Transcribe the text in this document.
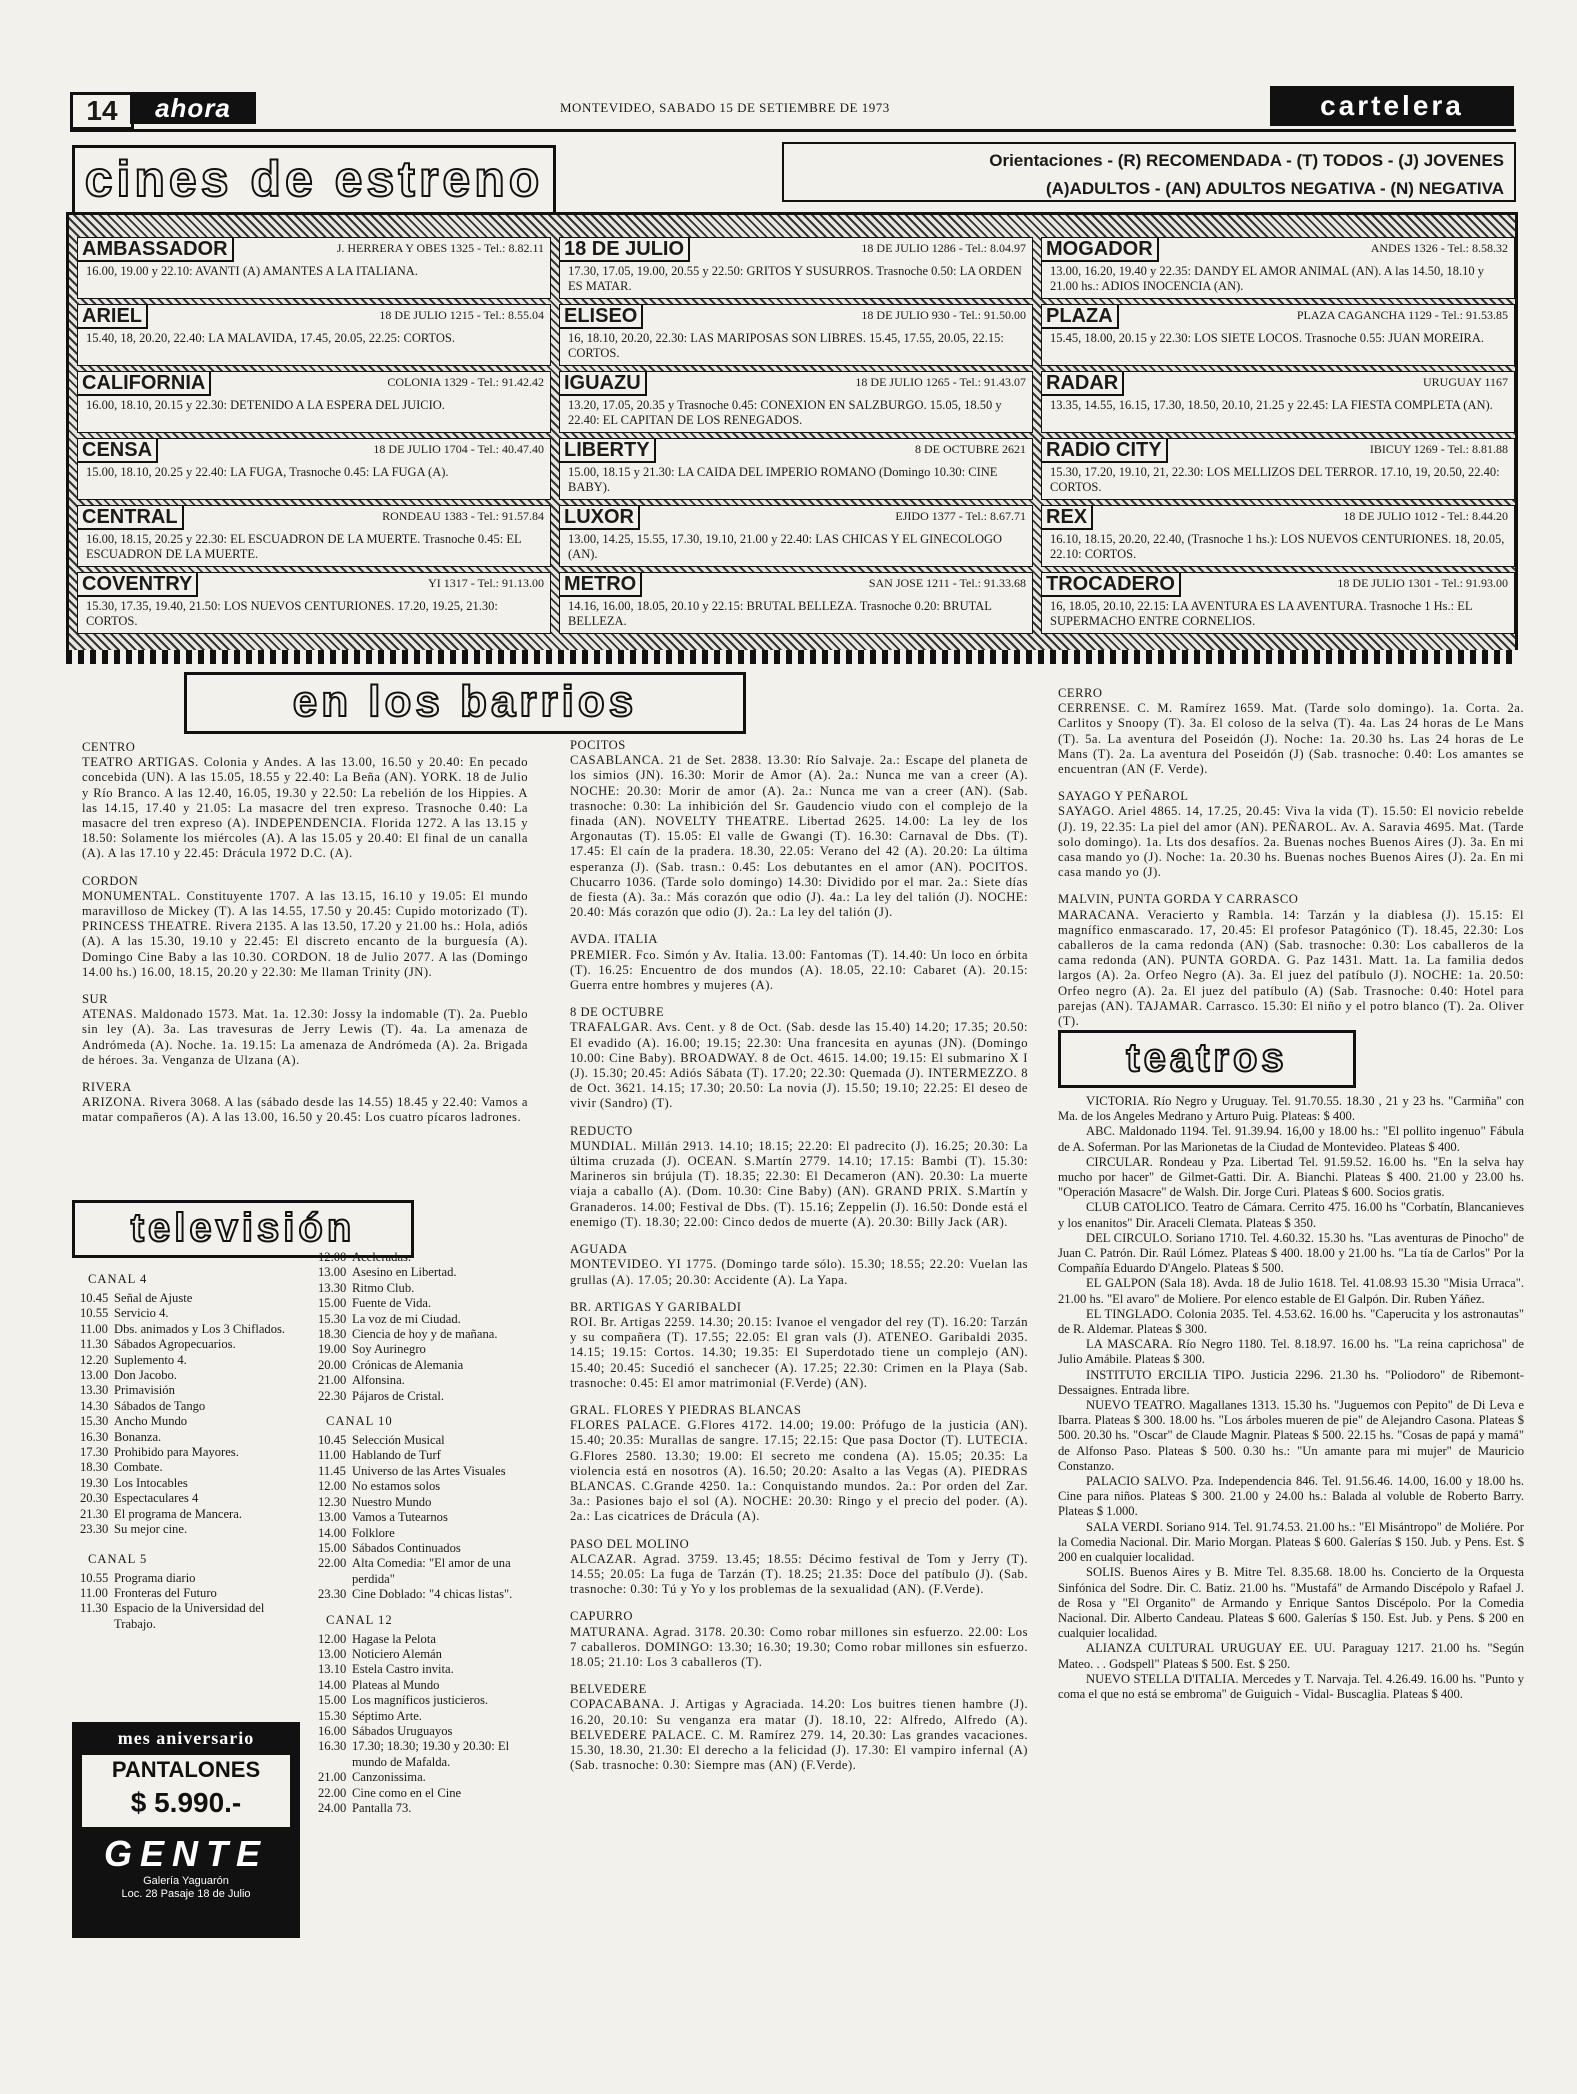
14	ahora	MONTEVIDEO, SABADO 15 DE SETIEMBRE DE 1973	cartelera
cines de estreno	Orientaciones - (R) RECOMENDADA - (T) TODOS - (J) JOVENES
(A)ADULTOS - (AN) ADULTOS NEGATIVA - (N) NEGATIVA
AMBASSADOR	J. HERRERA Y OBES 1325 - Tel.: 8.82.11
16.00, 19.00 y 22.10: AVANTI (A) AMANTES A LA ITALIANA.
ARIEL	18 DE JULIO 1215 - Tel.: 8.55.04
15.40, 18, 20.20, 22.40: LA MALAVIDA, 17.45, 20.05, 22.25: CORTOS.
CALIFORNIA	COLONIA 1329 - Tel.: 91.42.42
16.00, 18.10, 20.15 y 22.30: DETENIDO A LA ESPERA DEL JUICIO.
CENSA	18 DE JULIO 1704 - Tel.: 40.47.40
15.00, 18.10, 20.25 y 22.40: LA FUGA, Trasnoche 0.45: LA FUGA (A).
CENTRAL	RONDEAU 1383 - Tel.: 91.57.84
16.00, 18.15, 20.25 y 22.30: EL ESCUADRON DE LA MUERTE. Trasnoche 0.45: EL ESCUADRON DE LA MUERTE.
COVENTRY	YI 1317 - Tel.: 91.13.00
15.30, 17.35, 19.40, 21.50: LOS NUEVOS CENTURIONES. 17.20, 19.25, 21.30: CORTOS.
18 DE JULIO	18 DE JULIO 1286 - Tel.: 8.04.97
17.30, 17.05, 19.00, 20.55 y 22.50: GRITOS Y SUSURROS. Trasnoche 0.50: LA ORDEN ES MATAR.
ELISEO	18 DE JULIO 930 - Tel.: 91.50.00
16, 18.10, 20.20, 22.30: LAS MARIPOSAS SON LIBRES. 15.45, 17.55, 20.05, 22.15: CORTOS.
IGUAZU	18 DE JULIO 1265 - Tel.: 91.43.07
13.20, 17.05, 20.35 y Trasnoche 0.45: CONEXION EN SALZBURGO. 15.05, 18.50 y 22.40: EL CAPITAN DE LOS RENEGADOS.
LIBERTY	8 DE OCTUBRE 2621
15.00, 18.15 y 21.30: LA CAIDA DEL IMPERIO ROMANO (Domingo 10.30: CINE BABY).
LUXOR	EJIDO 1377 - Tel.: 8.67.71
13.00, 14.25, 15.55, 17.30, 19.10, 21.00 y 22.40: LAS CHICAS Y EL GINECOLOGO (AN).
METRO	SAN JOSE 1211 - Tel.: 91.33.68
14.16, 16.00, 18.05, 20.10 y 22.15: BRUTAL BELLEZA. Trasnoche 0.20: BRUTAL BELLEZA.
MOGADOR	ANDES 1326 - Tel.: 8.58.32
13.00, 16.20, 19.40 y 22.35: DANDY EL AMOR ANIMAL (AN). A las 14.50, 18.10 y 21.00 hs.: ADIOS INOCENCIA (AN).
PLAZA	PLAZA CAGANCHA 1129 - Tel.: 91.53.85
15.45, 18.00, 20.15 y 22.30: LOS SIETE LOCOS. Trasnoche 0.55: JUAN MOREIRA.
RADAR	URUGUAY 1167
13.35, 14.55, 16.15, 17.30, 18.50, 20.10, 21.25 y 22.45: LA FIESTA COMPLETA (AN).
RADIO CITY	IBICUY 1269 - Tel.: 8.81.88
15.30, 17.20, 19.10, 21, 22.30: LOS MELLIZOS DEL TERROR. 17.10, 19, 20.50, 22.40: CORTOS.
REX	18 DE JULIO 1012 - Tel.: 8.44.20
16.10, 18.15, 20.20, 22.40, (Trasnoche 1 hs.): LOS NUEVOS CENTURIONES. 18, 20.05, 22.10: CORTOS.
TROCADERO	18 DE JULIO 1301 - Tel.: 91.93.00
16, 18.05, 20.10, 22.15: LA AVENTURA ES LA AVENTURA. Trasnoche 1 Hs.: EL SUPERMACHO ENTRE CORNELIOS.
en los barrios
CENTRO
TEATRO ARTIGAS. Colonia y Andes. A las 13.00, 16.50 y 20.40: En pecado concebida (UN). A las 15.05, 18.55 y 22.40: La Beña (AN). YORK. 18 de Julio y Río Branco. A las 12.40, 16.05, 19.30 y 22.50: La rebelión de los Hippies. A las 14.15, 17.40 y 21.05: La masacre del tren expreso. Trasnoche 0.40: La masacre del tren expreso (A). INDEPENDENCIA. Florida 1272. A las 13.15 y 18.50: Solamente los miércoles (A). A las 15.05 y 20.40: El final de un canalla (A). A las 17.10 y 22.45: Drácula 1972 D.C. (A).
CORDON
MONUMENTAL. Constituyente 1707. A las 13.15, 16.10 y 19.05: El mundo maravilloso de Mickey (T). A las 14.55, 17.50 y 20.45: Cupido motorizado (T). PRINCESS THEATRE. Rivera 2135. A las 13.50, 17.20 y 21.00 hs.: Hola, adiós (A). A las 15.30, 19.10 y 22.45: El discreto encanto de la burguesía (A). Domingo Cine Baby a las 10.30. CORDON. 18 de Julio 2077. A las (Domingo 14.00 hs.) 16.00, 18.15, 20.20 y 22.30: Me llaman Trinity (JN).
SUR
ATENAS. Maldonado 1573. Mat. 1a. 12.30: Jossy la indomable (T). 2a. Pueblo sin ley (A). 3a. Las travesuras de Jerry Lewis (T). 4a. La amenaza de Andrómeda (A). Noche. 1a. 19.15: La amenaza de Andrómeda (A). 2a. Brigada de héroes. 3a. Venganza de Ulzana (A).
RIVERA
ARIZONA. Rivera 3068. A las (sábado desde las 14.55) 18.45 y 22.40: Vamos a matar compañeros (A). A las 13.00, 16.50 y 20.45: Los cuatro pícaros ladrones.
POCITOS
CASABLANCA. 21 de Set. 2838. 13.30: Río Salvaje. 2a.: Escape del planeta de los simios (JN). 16.30: Morir de Amor (A). 2a.: Nunca me van a creer (A). NOCHE: 20.30: Morir de amor (A). 2a.: Nunca me van a creer (AN). (Sab. trasnoche: 0.30: La inhibición del Sr. Gaudencio viudo con el complejo de la finada (AN). NOVELTY THEATRE. Libertad 2625. 14.00: La ley de los Argonautas (T). 15.05: El valle de Gwangi (T). 16.30: Carnaval de Dbs. (T). 17.45: El caín de la pradera. 18.30, 22.05: Verano del 42 (A). 20.20: La última esperanza (J). (Sab. trasn.: 0.45: Los debutantes en el amor (AN). POCITOS. Chucarro 1036. (Tarde solo domingo) 14.30: Dividido por el mar. 2a.: Siete días de fiesta (A). 3a.: Más corazón que odio (J). 4a.: La ley del talión (J). NOCHE: 20.40: Más corazón que odio (J). 2a.: La ley del talión (J).
AVDA. ITALIA
PREMIER. Fco. Simón y Av. Italia. 13.00: Fantomas (T). 14.40: Un loco en órbita (T). 16.25: Encuentro de dos mundos (A). 18.05, 22.10: Cabaret (A). 20.15: Guerra entre hombres y mujeres (A).
8 DE OCTUBRE
TRAFALGAR. Avs. Cent. y 8 de Oct. (Sab. desde las 15.40) 14.20; 17.35; 20.50: El evadido (A). 16.00; 19.15; 22.30: Una francesita en ayunas (JN). (Domingo 10.00: Cine Baby). BROADWAY. 8 de Oct. 4615. 14.00; 19.15: El submarino X I (J). 15.30; 20.45: Adiós Sábata (T). 17.20; 22.30: Quemada (J). INTERMEZZO. 8 de Oct. 3621. 14.15; 17.30; 20.50: La novia (J). 15.50; 19.10; 22.25: El deseo de vivir (Sandro) (T).
REDUCTO
MUNDIAL. Millán 2913. 14.10; 18.15; 22.20: El padrecito (J). 16.25; 20.30: La última cruzada (J). OCEAN. S.Martín 2779. 14.10; 17.15: Bambi (T). 15.30: Marineros sin brújula (T). 18.35; 22.30: El Decameron (AN). 20.30: La muerte viaja a caballo (A). (Dom. 10.30: Cine Baby) (AN). GRAND PRIX. S.Martín y Granaderos. 14.00; Festival de Dbs. (T). 15.16; Zeppelin (J). 16.50: Donde está el enemigo (T). 18.30; 22.00: Cinco dedos de muerte (A). 20.30: Billy Jack (AR).
AGUADA
MONTEVIDEO. YI 1775. (Domingo tarde sólo). 15.30; 18.55; 22.20: Vuelan las grullas (A). 17.05; 20.30: Accidente (A). La Yapa.
BR. ARTIGAS Y GARIBALDI
ROI. Br. Artigas 2259. 14.30; 20.15: Ivanoe el vengador del rey (T). 16.20: Tarzán y su compañera (T). 17.55; 22.05: El gran vals (J). ATENEO. Garibaldi 2035. 14.15; 19.15: Cortos. 14.30; 19.35: El Superdotado tiene un complejo (AN). 15.40; 20.45: Sucedió el sanchecer (A). 17.25; 22.30: Crimen en la Playa (Sab. trasnoche: 0.45: El amor matrimonial (F.Verde) (AN).
GRAL. FLORES Y PIEDRAS BLANCAS
FLORES PALACE. G.Flores 4172. 14.00; 19.00: Prófugo de la justicia (AN). 15.40; 20.35: Murallas de sangre. 17.15; 22.15: Que pasa Doctor (T). LUTECIA. G.Flores 2580. 13.30; 19.00: El secreto me condena (A). 15.05; 20.35: La violencia está en nosotros (A). 16.50; 20.20: Asalto a las Vegas (A). PIEDRAS BLANCAS. C.Grande 4250. 1a.: Conquistando mundos. 2a.: Por orden del Zar. 3a.: Pasiones bajo el sol (A). NOCHE: 20.30: Ringo y el precio del poder. (A). 2a.: Las cicatrices de Drácula (A).
PASO DEL MOLINO
ALCAZAR. Agrad. 3759. 13.45; 18.55: Décimo festival de Tom y Jerry (T). 14.55; 20.05: La fuga de Tarzán (T). 18.25; 21.35: Doce del patíbulo (J). (Sab. trasnoche: 0.30: Tú y Yo y los problemas de la sexualidad (AN). (F.Verde).
CAPURRO
MATURANA. Agrad. 3178. 20.30: Como robar millones sin esfuerzo. 22.00: Los 7 caballeros. DOMINGO: 13.30; 16.30; 19.30; Como robar millones sin esfuerzo. 18.05; 21.10: Los 3 caballeros (T).
BELVEDERE
COPACABANA. J. Artigas y Agraciada. 14.20: Los buitres tienen hambre (J). 16.20, 20.10: Su venganza era matar (J). 18.10, 22: Alfredo, Alfredo (A). BELVEDERE PALACE. C. M. Ramírez 279. 14, 20.30: Las grandes vacaciones. 15.30, 18.30, 21.30: El derecho a la felicidad (J). 17.30: El vampiro infernal (A) (Sab. trasnoche: 0.30: Siempre mas (AN) (F.Verde).
CERRO
CERRENSE. C. M. Ramírez 1659. Mat. (Tarde solo domingo). 1a. Corta. 2a. Carlitos y Snoopy (T). 3a. El coloso de la selva (T). 4a. Las 24 horas de Le Mans (T). 5a. La aventura del Poseidón (J). Noche: 1a. 20.30 hs. Las 24 horas de Le Mans (T). 2a. La aventura del Poseidón (J) (Sab. trasnoche: 0.40: Los amantes se encuentran (AN (F. Verde).
SAYAGO Y PEÑAROL
SAYAGO. Ariel 4865. 14, 17.25, 20.45: Viva la vida (T). 15.50: El novicio rebelde (J). 19, 22.35: La piel del amor (AN). PEÑAROL. Av. A. Saravia 4695. Mat. (Tarde solo domingo). 1a. Lts dos desafíos. 2a. Buenas noches Buenos Aires (J). 3a. En mi casa mando yo (J). Noche: 1a. 20.30 hs. Buenas noches Buenos Aires (J). 2a. En mi casa mando yo (J).
MALVIN, PUNTA GORDA Y CARRASCO
MARACANA. Veracierto y Rambla. 14: Tarzán y la diablesa (J). 15.15: El magnífico enmascarado. 17, 20.45: El profesor Patagónico (T). 18.45, 22.30: Los caballeros de la cama redonda (AN) (Sab. trasnoche: 0.30: Los caballeros de la cama redonda (AN). PUNTA GORDA. G. Paz 1431. Matt. 1a. La familia dedos largos (A). 2a. Orfeo Negro (A). 3a. El juez del patíbulo (J). NOCHE: 1a. 20.50: Orfeo negro (A). 2a. El juez del patíbulo (A) (Sab. Trasnoche: 0.40: Hotel para parejas (AN). TAJAMAR. Carrasco. 15.30: El niño y el potro blanco (T). 2a. Oliver (T).
teatros
VICTORIA. Río Negro y Uruguay. Tel. 91.70.55. 18.30 , 21 y 23 hs. "Carmiña" con Ma. de los Angeles Medrano y Arturo Puig. Plateas: $ 400.
ABC. Maldonado 1194. Tel. 91.39.94. 16,00 y 18.00 hs.: "El pollito ingenuo" Fábula de A. Soferman. Por las Marionetas de la Ciudad de Montevideo. Plateas $ 400.
CIRCULAR. Rondeau y Pza. Libertad Tel. 91.59.52. 16.00 hs. "En la selva hay mucho por hacer" de Gilmet-Gatti. Dir. A. Bianchi. Plateas $ 400. 21.00 y 23.00 hs. "Operación Masacre" de Walsh. Dir. Jorge Curi. Plateas $ 600. Socios gratis.
CLUB CATOLICO. Teatro de Cámara. Cerrito 475. 16.00 hs "Corbatín, Blancanieves y los enanitos" Dir. Araceli Clemata. Plateas $ 350.
DEL CIRCULO. Soriano 1710. Tel. 4.60.32. 15.30 hs. "Las aventuras de Pinocho" de Juan C. Patrón. Dir. Raúl Lómez. Plateas $ 400. 18.00 y 21.00 hs. "La tía de Carlos" Por la Compañía Eduardo D'Angelo. Plateas $ 500.
EL GALPON (Sala 18). Avda. 18 de Julio 1618. Tel. 41.08.93 15.30 "Misia Urraca". 21.00 hs. "El avaro" de Moliere. Por elenco estable de El Galpón. Dir. Ruben Yáñez.
EL TINGLADO. Colonia 2035. Tel. 4.53.62. 16.00 hs. "Caperucita y los astronautas" de R. Aldemar. Plateas $ 300.
LA MASCARA. Río Negro 1180. Tel. 8.18.97. 16.00 hs. "La reina caprichosa" de Julio Amábile. Plateas $ 300.
INSTITUTO ERCILIA TIPO. Justicia 2296. 21.30 hs. "Poliodoro" de Ribemont- Dessaignes. Entrada libre.
NUEVO TEATRO. Magallanes 1313. 15.30 hs. "Juguemos con Pepito" de Di Leva e Ibarra. Plateas $ 300. 18.00 hs. "Los árboles mueren de pie" de Alejandro Casona. Plateas $ 500. 20.30 hs. "Oscar" de Claude Magnir. Plateas $ 500. 22.15 hs. "Cosas de papá y mamá" de Alfonso Paso. Plateas $ 500. 0.30 hs.: "Un amante para mi mujer" de Mauricio Constanzo.
PALACIO SALVO. Pza. Independencia 846. Tel. 91.56.46. 14.00, 16.00 y 18.00 hs. Cine para niños. Plateas $ 300. 21.00 y 24.00 hs.: Balada al voluble de Roberto Barry. Plateas $ 1.000.
SALA VERDI. Soriano 914. Tel. 91.74.53. 21.00 hs.: "El Misántropo" de Moliére. Por la Comedia Nacional. Dir. Mario Morgan. Plateas $ 600. Galerías $ 150. Jub. y Pens. Est. $ 200 en cualquier localidad.
SOLIS. Buenos Aires y B. Mitre Tel. 8.35.68. 18.00 hs. Concierto de la Orquesta Sinfónica del Sodre. Dir. C. Batiz. 21.00 hs. "Mustafá" de Armando Discépolo y Rafael J. de Rosa y "El Organito" de Armando y Enrique Santos Discépolo. Por la Comedia Nacional. Dir. Alberto Candeau. Plateas $ 600. Galerías $ 150. Est. Jub. y Pens. $ 200 en cualquier localidad.
ALIANZA CULTURAL URUGUAY EE. UU. Paraguay 1217. 21.00 hs. "Según Mateo. . . Godspell" Plateas $ 500. Est. $ 250.
NUEVO STELLA D'ITALIA. Mercedes y T. Narvaja. Tel. 4.26.49. 16.00 hs. "Punto y coma el que no está se embroma" de Guiguich - Vidal- Buscaglia. Plateas $ 400.
televisión
CANAL 4
10.45 Señal de Ajuste
10.55 Servicio 4.
11.00 Dbs. animados y Los 3 Chiflados.
11.30 Sábados Agropecuarios.
12.20 Suplemento 4.
13.00 Don Jacobo.
13.30 Primavisión
14.30 Sábados de Tango
15.30 Ancho Mundo
16.30 Bonanza.
17.30 Prohibido para Mayores.
18.30 Combate.
19.30 Los Intocables
20.30 Espectaculares 4
21.30 El programa de Mancera.
23.30 Su mejor cine.
CANAL 5
10.55 Programa diario
11.00 Fronteras del Futuro
11.30 Espacio de la Universidad del Trabajo.
12.00 Aceleradas.
13.00 Asesino en Libertad.
13.30 Ritmo Club.
15.00 Fuente de Vida.
15.30 La voz de mi Ciudad.
18.30 Ciencia de hoy y de mañana.
19.00 Soy Aurinegro
20.00 Crónicas de Alemania
21.00 Alfonsina.
22.30 Pájaros de Cristal.
CANAL 10
10.45 Selección Musical
11.00 Hablando de Turf
11.45 Universo de las Artes Visuales
12.00 No estamos solos
12.30 Nuestro Mundo
13.00 Vamos a Tutearnos
14.00 Folklore
15.00 Sábados Continuados
22.00 Alta Comedia: "El amor de una perdida"
23.30 Cine Doblado: "4 chicas listas".
CANAL 12
12.00 Hagase la Pelota
13.00 Noticiero Alemán
13.10 Estela Castro invita.
14.00 Plateas al Mundo
15.00 Los magníficos justicieros.
15.30 Séptimo Arte.
16.00 Sábados Uruguayos
16.30 17.30; 18.30; 19.30 y 20.30: El mundo de Mafalda.
21.00 Canzonissima.
22.00 Cine como en el Cine
24.00 Pantalla 73.
mes aniversario
PANTALONES
$ 5.990.-
GENTE
Galería Yaguarón
Loc. 28 Pasaje 18 de Julio
